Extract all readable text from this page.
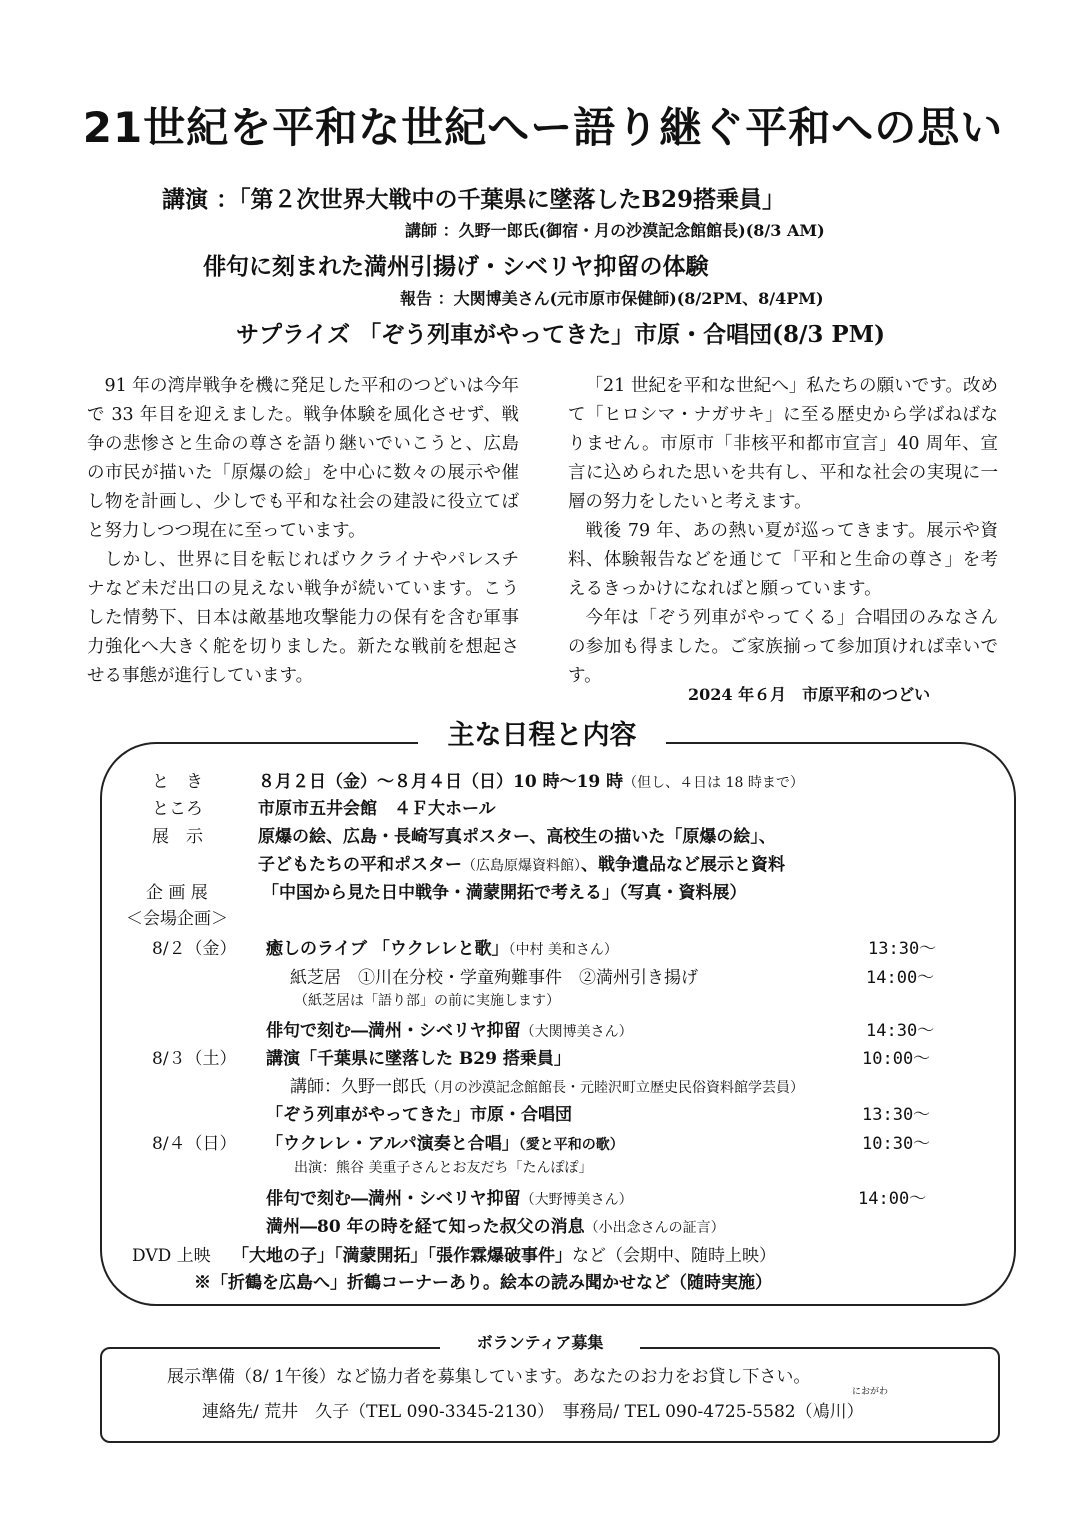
21世紀を平和な世紀へー語り継ぐ平和への思い
講演 ：「第２次世界大戦中の千葉県に墜落したB29搭乗員」
講師 ：久野一郎氏(御宿・月の沙漠記念館館長)(8/3 AM)
俳句に刻まれた満州引揚げ・シベリヤ抑留の体験
報告 ：大関博美さん(元市原市保健師)(8/2PM、8/4PM)
サプライズ 「ぞう列車がやってきた」市原・合唱団(8/3 PM)

91 年の湾岸戦争を機に発足した平和のつどいは今年で 33 年目を迎えました。戦争体験を風化させず、戦争の悲惨さと生命の尊さを語り継いでいこうと、広島の市民が描いた「原爆の絵」を中心に数々の展示や催し物を計画し、少しでも平和な社会の建設に役立てばと努力しつつ現在に至っています。

しかし、世界に目を転じればウクライナやパレスチナなど未だ出口の見えない戦争が続いています。こうした情勢下、日本は敵基地攻撃能力の保有を含む軍事力強化へ大きく舵を切りました。新たな戦前を想起させる事態が進行しています。

「21 世紀を平和な世紀へ」私たちの願いです。改めて「ヒロシマ・ナガサキ」に至る歴史から学ばねばなりません。市原市「非核平和都市宣言」40 周年、宣言に込められた思いを共有し、平和な社会の実現に一層の努力をしたいと考えます。

戦後 79 年、あの熱い夏が巡ってきます。展示や資料、体験報告などを通じて「平和と生命の尊さ」を考えるきっかけになればと願っています。

今年は「ぞう列車がやってくる」合唱団のみなさんの参加も得ました。ご家族揃って参加頂ければ幸いです。

2024 年６月　市原平和のつどい
主な日程と内容
と　き	８月２日（金）～８月４日（日）10 時～19 時（但し、４日は 18 時まで）
ところ	市原市五井会館　４Ｆ大ホール
展　示	原爆の絵、広島・長崎写真ポスター、高校生の描いた「原爆の絵」、
子どもたちの平和ポスター（広島原爆資料館）、戦争遺品など展示と資料
企 画 展	「中国から見た日中戦争・満蒙開拓で考える」（写真・資料展）
＜会場企画＞
8/２（金） 癒しのライブ 「ウクレレと歌」（中村 美和さん）	13:30～
紙芝居　①川在分校・学童殉難事件　②満州引き揚げ	14:00～
（紙芝居は「語り部」の前に実施します）
俳句で刻む―満州・シベリヤ抑留（大関博美さん）	14:30～
8/３（土） 講演「千葉県に墜落した B29 搭乗員」	10:00～
講師：久野一郎氏（月の沙漠記念館館長・元睦沢町立歴史民俗資料館学芸員）
「ぞう列車がやってきた」市原・合唱団	13:30～
8/４（日） 「ウクレレ・アルパ演奏と合唱」（愛と平和の歌）	10:30～
出演：熊谷 美重子さんとお友だち「たんぽぽ」
俳句で刻む―満州・シベリヤ抑留（大野博美さん）	14:00～
満州―80 年の時を経て知った叔父の消息（小出念さんの証言）
DVD 上映 「大地の子」「満蒙開拓」「張作霖爆破事件」など（会期中、随時上映）
※「折鶴を広島へ」折鶴コーナーあり。絵本の読み聞かせなど（随時実施）
ボランティア募集
展示準備（8/ 1午後）など協力者を募集しています。あなたのお力をお貸し下さい。
におがわ
連絡先/ 荒井　久子（TEL 090-3345-2130）　事務局/ TEL 090-4725-5582（鳰川）
